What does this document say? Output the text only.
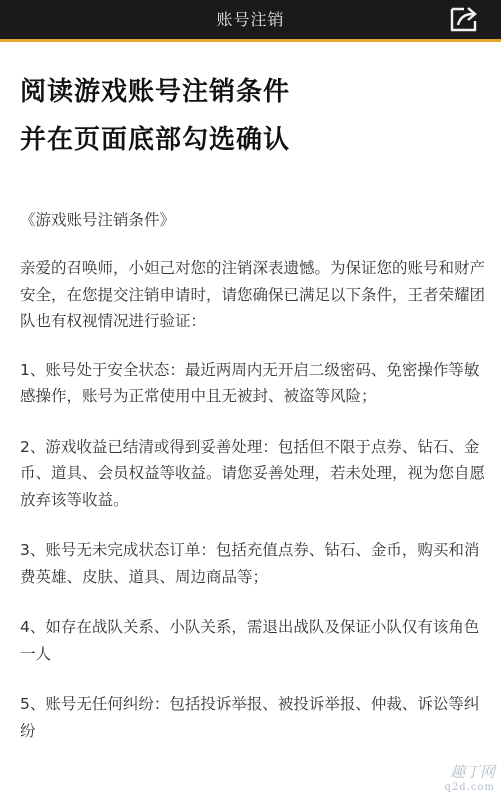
账号注销
阅读游戏账号注销条件
并在页面底部勾选确认
《游戏账号注销条件》
亲爱的召唤师，小妲己对您的注销深表遗憾。为保证您的账号和财产安全，在您提交注销申请时，请您确保已满足以下条件，王者荣耀团队也有权视情况进行验证：
1、账号处于安全状态：最近两周内无开启二级密码、免密操作等敏感操作，账号为正常使用中且无被封、被盗等风险；
2、游戏收益已结清或得到妥善处理：包括但不限于点券、钻石、金币、道具、会员权益等收益。请您妥善处理，若未处理，视为您自愿放弃该等收益。
3、账号无未完成状态订单：包括充值点券、钻石、金币，购买和消费英雄、皮肤、道具、周边商品等；
4、如存在战队关系、小队关系，需退出战队及保证小队仅有该角色一人
5、账号无任何纠纷：包括投诉举报、被投诉举报、仲裁、诉讼等纠纷
趣丁网
q2d.com
